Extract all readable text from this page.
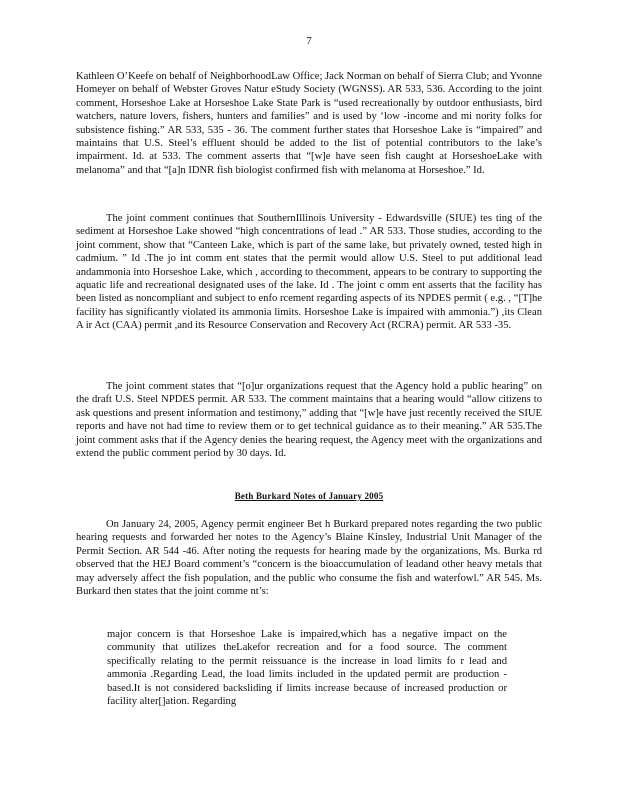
7

Kathleen O’Keefe on behalf of NeighborhoodLaw Office; Jack Norman on behalf of Sierra Club; and Yvonne Homeyer on behalf of Webster Groves Natur eStudy Society (WGNSS). AR 533, 536. According to the joint comment, Horseshoe Lake at Horseshoe Lake State Park is “used recreationally by outdoor enthusiasts, bird watchers, nature lovers, fishers, hunters and families” and is used by ‘low -income and mi nority folks for subsistence fishing.” AR 533, 535 - 36. The comment further states that Horseshoe Lake is “impaired” and maintains that U.S. Steel’s effluent should be added to the list of potential contributors to the lake’s impairment. Id. at 533. The comment asserts that “[w]e have seen fish caught at HorseshoeLake with melanoma” and that “[a]n IDNR fish biologist confirmed fish with melanoma at Horseshoe.” Id.

The joint comment continues that SouthernIllinois University - Edwardsville (SIUE) tes ting of the sediment at Horseshoe Lake showed “high concentrations of lead .” AR 533. Those studies, according to the joint comment, show that “Canteen Lake, which is part of the same lake, but privately owned, tested high in cadmium. ” Id .The jo int comm ent states that the permit would allow U.S. Steel to put additional lead andammonia into Horseshoe Lake, which , according to thecomment, appears to be contrary to supporting the aquatic life and recreational designated uses of the lake. Id . The joint c omm ent asserts that the facility has been listed as noncompliant and subject to enfo rcement regarding aspects of its NPDES permit ( e.g. , “[T]he facility has significantly violated its ammonia limits. Horseshoe Lake is impaired with ammonia.”) ,its Clean A ir Act (CAA) permit ,and its Resource Conservation and Recovery Act (RCRA) permit. AR 533 -35.

The joint comment states that “[o]ur organizations request that the Agency hold a public hearing” on the draft U.S. Steel NPDES permit. AR 533. The comment maintains that a hearing would “allow citizens to ask questions and present information and testimony,” adding that “[w]e have just recently received the SIUE reports and have not had time to review them or to get technical guidance as to their meaning.” AR 535.The joint comment asks that if the Agency denies the hearing request, the Agency meet with the organizations and extend the public comment period by 30 days. Id.

Beth Burkard Notes of January 2005

On January 24, 2005, Agency permit engineer Bet h Burkard prepared notes regarding the two public hearing requests and forwarded her notes to the Agency’s Blaine Kinsley, Industrial Unit Manager of the Permit Section. AR 544 -46. After noting the requests for hearing made by the organizations, Ms. Burka rd observed that the HEJ Board comment’s “concern is the bioaccumulation of leadand other heavy metals that may adversely affect the fish population, and the public who consume the fish and waterfowl.” AR 545. Ms. Burkard then states that the joint comme nt’s:

major concern is that Horseshoe Lake is impaired,which has a negative impact on the community that utilizes theLakefor recreation and for a food source. The comment specifically relating to the permit reissuance is the increase in load limits fo r lead and ammonia .Regarding Lead, the load limits included in the updated permit are production -based.It is not considered backsliding if limits increase because of increased production or facility alter[]ation. Regarding
